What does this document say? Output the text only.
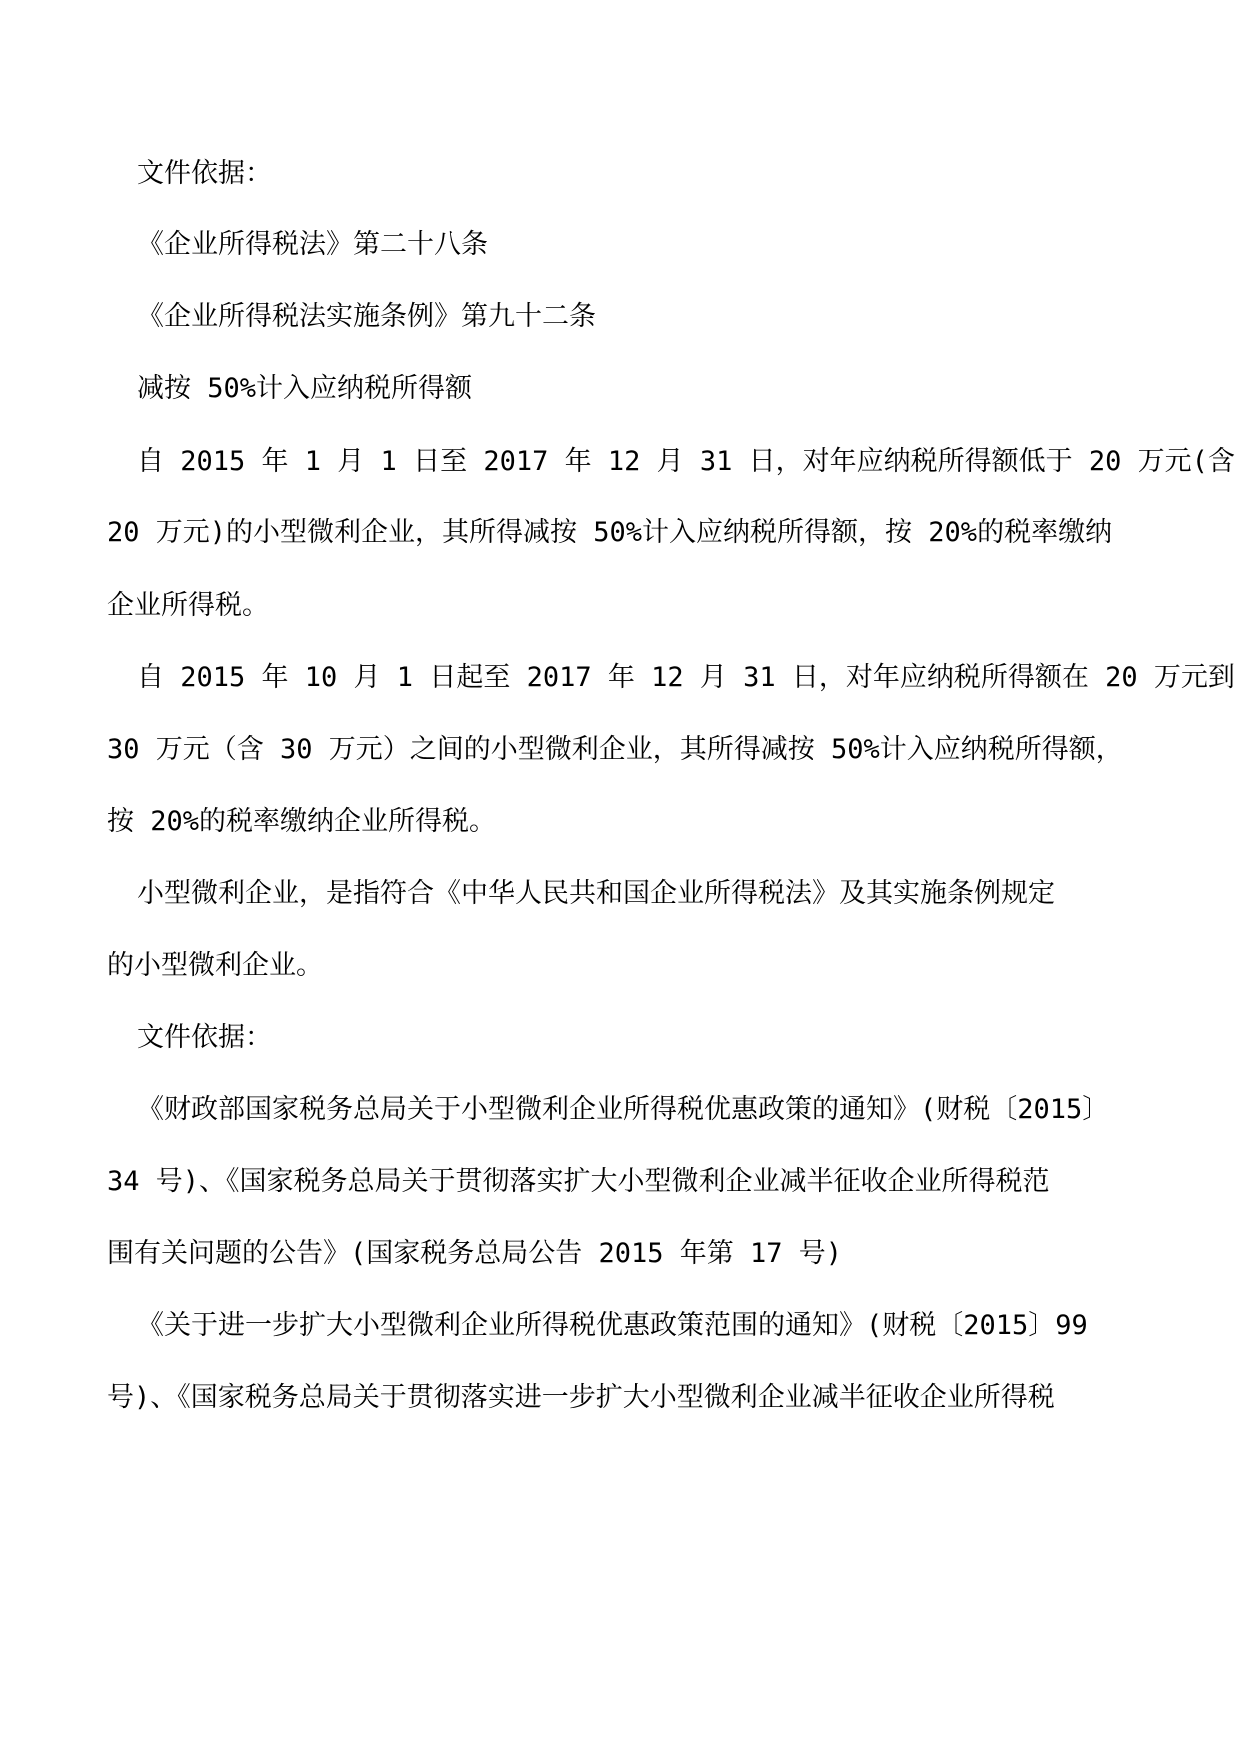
文件依据：
《企业所得税法》第二十八条
《企业所得税法实施条例》第九十二条
减按 50%计入应纳税所得额
自 2015 年 1 月 1 日至 2017 年 12 月 31 日，对年应纳税所得额低于 20 万元(含
20 万元)的小型微利企业，其所得减按 50%计入应纳税所得额，按 20%的税率缴纳
企业所得税。
自 2015 年 10 月 1 日起至 2017 年 12 月 31 日，对年应纳税所得额在 20 万元到
30 万元（含 30 万元）之间的小型微利企业，其所得减按 50%计入应纳税所得额，
按 20%的税率缴纳企业所得税。
小型微利企业，是指符合《中华人民共和国企业所得税法》及其实施条例规定
的小型微利企业。
文件依据：
《财政部国家税务总局关于小型微利企业所得税优惠政策的通知》(财税〔2015〕
34 号)、《国家税务总局关于贯彻落实扩大小型微利企业减半征收企业所得税范
围有关问题的公告》(国家税务总局公告 2015 年第 17 号)
《关于进一步扩大小型微利企业所得税优惠政策范围的通知》(财税〔2015〕99
号)、《国家税务总局关于贯彻落实进一步扩大小型微利企业减半征收企业所得税
